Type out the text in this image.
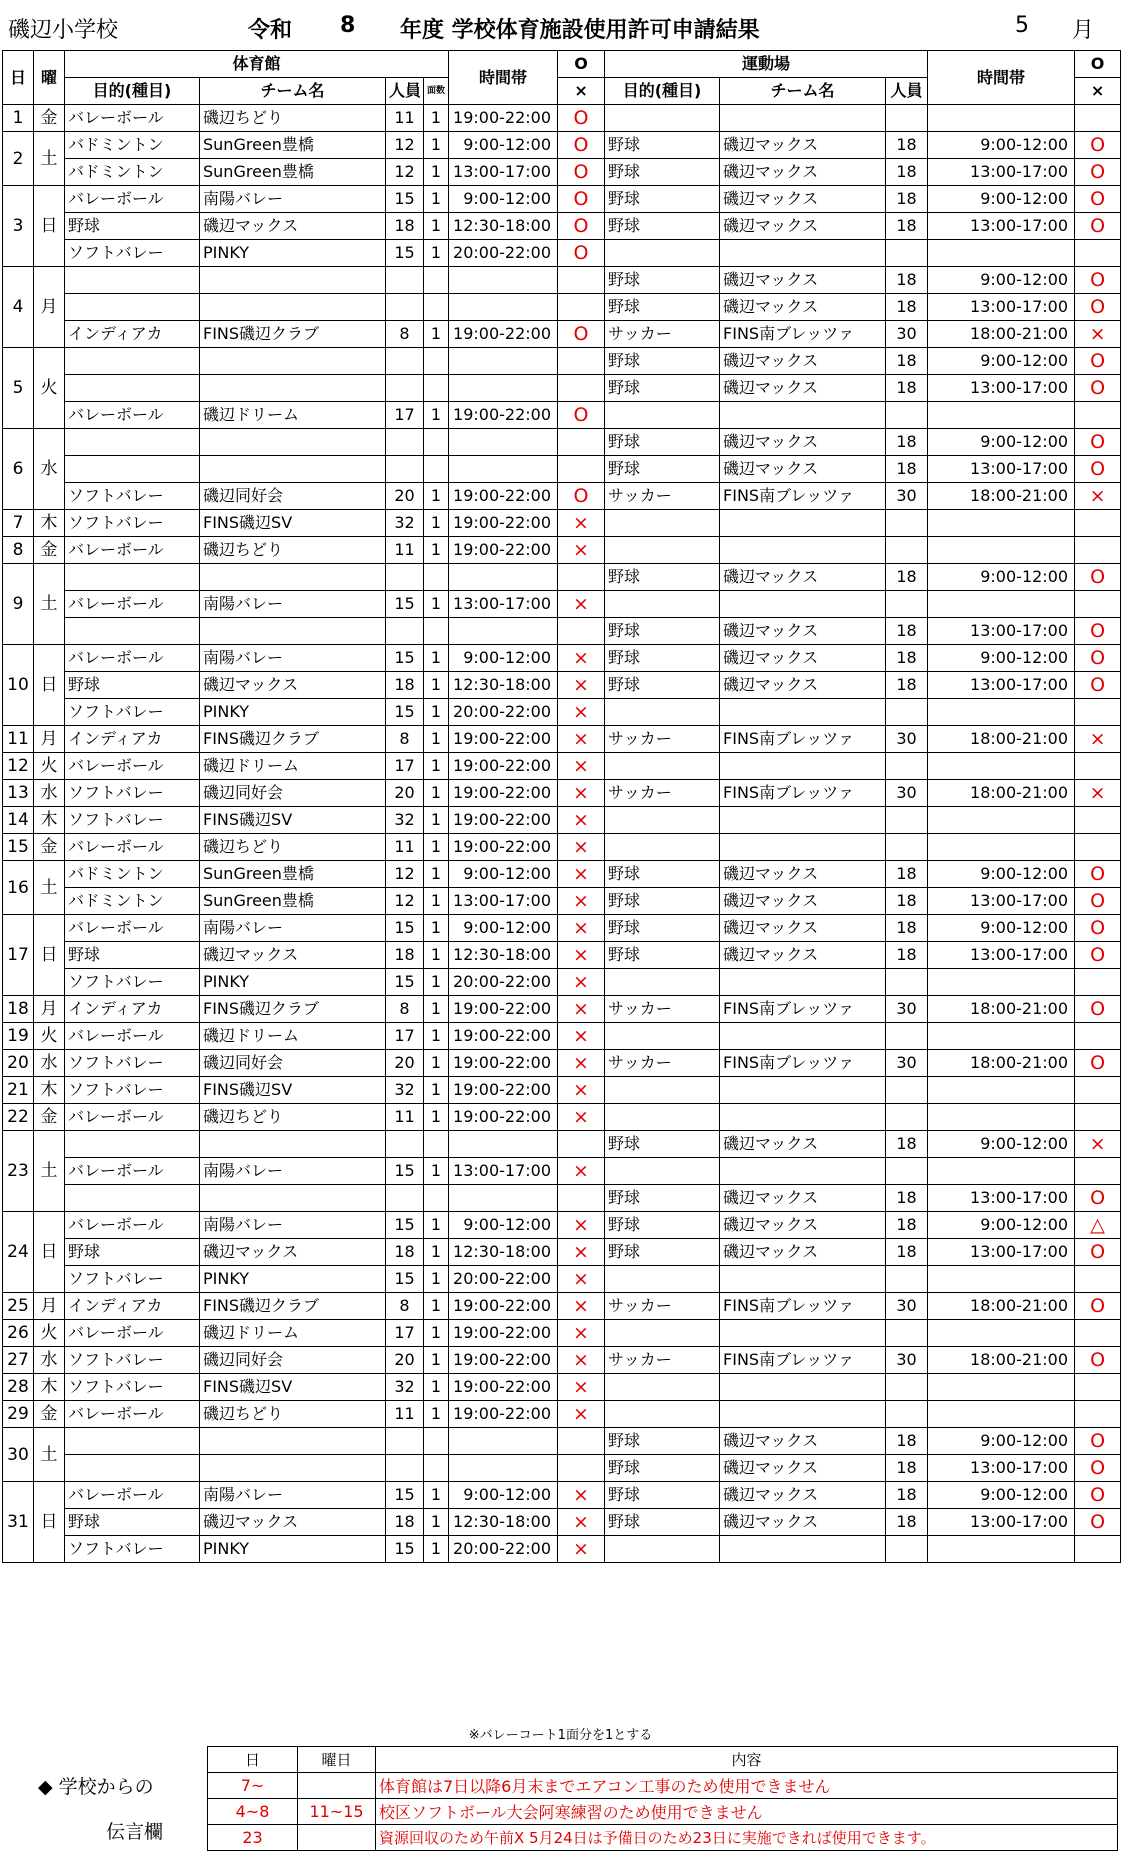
磯辺小学校	令和 8 年度 学校体育施設使用許可申請結果	5 月
日	曜	体育館				時間帯	O	運動場			時間帯	O
		目的(種目)	チーム名	人員	面数		×	目的(種目)	チーム名	人員		×
1	金	バレーボール	磯辺ちどり	11	1	19:00-22:00	O					
2	土	バドミントン	SunGreen豊橋	12	1	9:00-12:00	O	野球	磯辺マックス	18	9:00-12:00	O
		バドミントン	SunGreen豊橋	12	1	13:00-17:00	O	野球	磯辺マックス	18	13:00-17:00	O
3	日	バレーボール	南陽バレー	15	1	9:00-12:00	O	野球	磯辺マックス	18	9:00-12:00	O
		野球	磯辺マックス	18	1	12:30-18:00	O	野球	磯辺マックス	18	13:00-17:00	O
		ソフトバレー	PINKY	15	1	20:00-22:00	O					
4	月							野球	磯辺マックス	18	9:00-12:00	O
								野球	磯辺マックス	18	13:00-17:00	O
		インディアカ	FINS磯辺クラブ	8	1	19:00-22:00	O	サッカー	FINS南ブレッツァ	30	18:00-21:00	×
5	火							野球	磯辺マックス	18	9:00-12:00	O
								野球	磯辺マックス	18	13:00-17:00	O
		バレーボール	磯辺ドリーム	17	1	19:00-22:00	O					
6	水							野球	磯辺マックス	18	9:00-12:00	O
								野球	磯辺マックス	18	13:00-17:00	O
		ソフトバレー	磯辺同好会	20	1	19:00-22:00	O	サッカー	FINS南ブレッツァ	30	18:00-21:00	×
7	木	ソフトバレー	FINS磯辺SV	32	1	19:00-22:00	×					
8	金	バレーボール	磯辺ちどり	11	1	19:00-22:00	×					
9	土							野球	磯辺マックス	18	9:00-12:00	O
		バレーボール	南陽バレー	15	1	13:00-17:00	×					
								野球	磯辺マックス	18	13:00-17:00	O
10	日	バレーボール	南陽バレー	15	1	9:00-12:00	×	野球	磯辺マックス	18	9:00-12:00	O
		野球	磯辺マックス	18	1	12:30-18:00	×	野球	磯辺マックス	18	13:00-17:00	O
		ソフトバレー	PINKY	15	1	20:00-22:00	×					
11	月	インディアカ	FINS磯辺クラブ	8	1	19:00-22:00	×	サッカー	FINS南ブレッツァ	30	18:00-21:00	×
12	火	バレーボール	磯辺ドリーム	17	1	19:00-22:00	×					
13	水	ソフトバレー	磯辺同好会	20	1	19:00-22:00	×	サッカー	FINS南ブレッツァ	30	18:00-21:00	×
14	木	ソフトバレー	FINS磯辺SV	32	1	19:00-22:00	×					
15	金	バレーボール	磯辺ちどり	11	1	19:00-22:00	×					
16	土	バドミントン	SunGreen豊橋	12	1	9:00-12:00	×	野球	磯辺マックス	18	9:00-12:00	O
		バドミントン	SunGreen豊橋	12	1	13:00-17:00	×	野球	磯辺マックス	18	13:00-17:00	O
17	日	バレーボール	南陽バレー	15	1	9:00-12:00	×	野球	磯辺マックス	18	9:00-12:00	O
		野球	磯辺マックス	18	1	12:30-18:00	×	野球	磯辺マックス	18	13:00-17:00	O
		ソフトバレー	PINKY	15	1	20:00-22:00	×					
18	月	インディアカ	FINS磯辺クラブ	8	1	19:00-22:00	×	サッカー	FINS南ブレッツァ	30	18:00-21:00	O
19	火	バレーボール	磯辺ドリーム	17	1	19:00-22:00	×					
20	水	ソフトバレー	磯辺同好会	20	1	19:00-22:00	×	サッカー	FINS南ブレッツァ	30	18:00-21:00	O
21	木	ソフトバレー	FINS磯辺SV	32	1	19:00-22:00	×					
22	金	バレーボール	磯辺ちどり	11	1	19:00-22:00	×					
23	土							野球	磯辺マックス	18	9:00-12:00	×
		バレーボール	南陽バレー	15	1	13:00-17:00	×					
								野球	磯辺マックス	18	13:00-17:00	O
24	日	バレーボール	南陽バレー	15	1	9:00-12:00	×	野球	磯辺マックス	18	9:00-12:00	△
		野球	磯辺マックス	18	1	12:30-18:00	×	野球	磯辺マックス	18	13:00-17:00	O
		ソフトバレー	PINKY	15	1	20:00-22:00	×					
25	月	インディアカ	FINS磯辺クラブ	8	1	19:00-22:00	×	サッカー	FINS南ブレッツァ	30	18:00-21:00	O
26	火	バレーボール	磯辺ドリーム	17	1	19:00-22:00	×					
27	水	ソフトバレー	磯辺同好会	20	1	19:00-22:00	×	サッカー	FINS南ブレッツァ	30	18:00-21:00	O
28	木	ソフトバレー	FINS磯辺SV	32	1	19:00-22:00	×					
29	金	バレーボール	磯辺ちどり	11	1	19:00-22:00	×					
30	土							野球	磯辺マックス	18	9:00-12:00	O
								野球	磯辺マックス	18	13:00-17:00	O
31	日	バレーボール	南陽バレー	15	1	9:00-12:00	×	野球	磯辺マックス	18	9:00-12:00	O
		野球	磯辺マックス	18	1	12:30-18:00	×	野球	磯辺マックス	18	13:00-17:00	O
		ソフトバレー	PINKY	15	1	20:00-22:00	×					
※バレーコート1面分を1とする
◆ 学校からの
伝言欄
日	曜日	内容
7~		体育館は7日以降6月末までエアコン工事のため使用できません
4~8	11~15	校区ソフトボール大会阿寒練習のため使用できません
23		資源回収のため午前X 5月24日は予備日のため23日に実施できれば使用できます。
